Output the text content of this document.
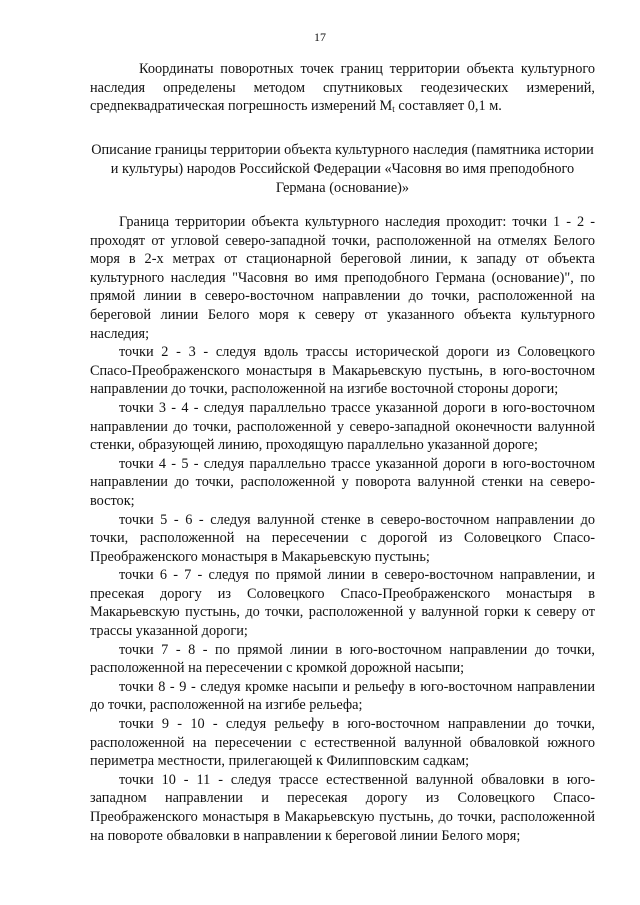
17

Координаты поворотных точек границ территории объекта культурного наследия определены методом спутниковых геодезических измерений, средneквадратическая погрешность измерений $M_t$ составляет 0,1 м.

Описание границы территории объекта культурного наследия (памятника истории и культуры) народов Российской Федерации «Часовня во имя преподобного Германа (основание)»

Граница территории объекта культурного наследия проходит: точки 1 - 2 - проходят от угловой северо-западной точки, расположенной на отмелях Белого моря в 2-х метрах от стационарной береговой линии, к западу от объекта культурного наследия "Часовня во имя преподобного Германа (основание)", по прямой линии в северо-восточном направлении до точки, расположенной на береговой линии Белого моря к северу от указанного объекта культурного наследия;

точки 2 - 3 - следуя вдоль трассы исторической дороги из Соловецкого Спасо-Преображенского монастыря в Макарьевскую пустынь, в юго-восточном направлении до точки, расположенной на изгибе восточной стороны дороги;

точки 3 - 4 - следуя параллельно трассе указанной дороги в юго-восточном направлении до точки, расположенной у северо-западной оконечности валунной стенки, образующей линию, проходящую параллельно указанной дороге;

точки 4 - 5 - следуя параллельно трассе указанной дороги в юго-восточном направлении до точки, расположенной у поворота валунной стенки на северо-восток;

точки 5 - 6 - следуя валунной стенке в северо-восточном направлении до точки, расположенной на пересечении с дорогой из Соловецкого Спасо-Преображенского монастыря в Макарьевскую пустынь;

точки 6 - 7 - следуя по прямой линии в северо-восточном направлении, и пресекая дорогу из Соловецкого Спасо-Преображенского монастыря в Макарьевскую пустынь, до точки, расположенной у валунной горки к северу от трассы указанной дороги;

точки 7 - 8 - по прямой линии в юго-восточном направлении до точки, расположенной на пересечении с кромкой дорожной насыпи;

точки 8 - 9 - следуя кромке насыпи и рельефу в юго-восточном направлении до точки, расположенной на изгибе рельефа;

точки 9 - 10 - следуя рельефу в юго-восточном направлении до точки, расположенной на пересечении с естественной валунной обваловкой южного периметра местности, прилегающей к Филипповским садкам;

точки 10 - 11 - следуя трассе естественной валунной обваловки в юго-западном направлении и пересекая дорогу из Соловецкого Спасо-Преображенского монастыря в Макарьевскую пустынь, до точки, расположенной на повороте обваловки в направлении к береговой линии Белого моря;
